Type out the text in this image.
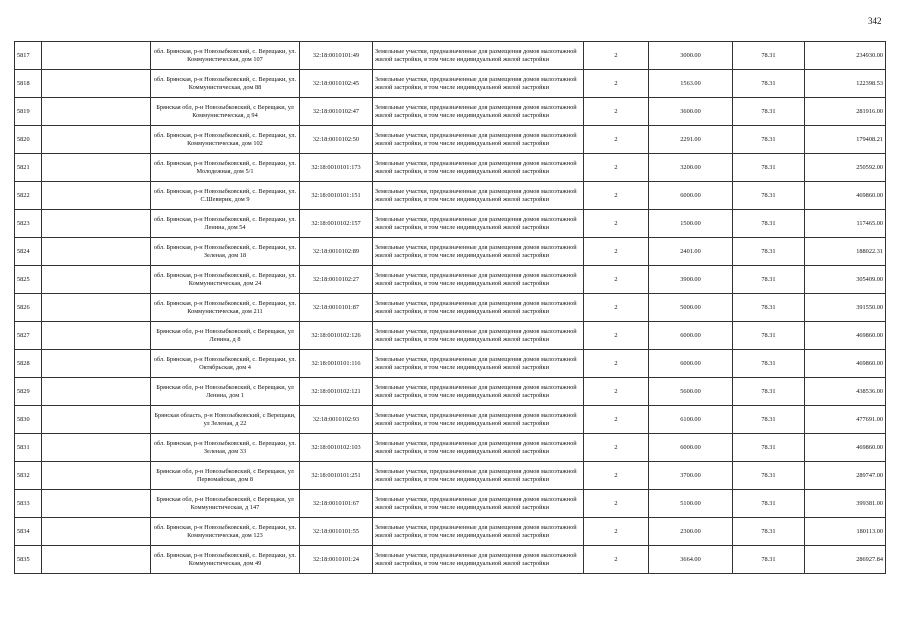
342
5817		обл. Брянская, р-н Новозыбковский, с. Верещаки, ул. Коммунистическая, дом 107	32:18:0010101:49	Земельные участки, предназначенные для размещения домов малоэтажной жилой застройки, в том числе индивидуальной жилой застройки	2	3000.00	78.31	234930.00
5818		обл. Брянская, р-н Новозыбковский, с. Верещаки, ул. Коммунистическая, дом 88	32:18:0010102:45	Земельные участки, предназначенные для размещения домов малоэтажной жилой застройки, в том числе индивидуальной жилой застройки	2	1563.00	78.31	122398.53
5819		Брянская обл, р-н Новозыбковский, с Верещаки, ул Коммунистическая, д 94	32:18:0010102:47	Земельные участки, предназначенные для размещения домов малоэтажной жилой застройки, в том числе индивидуальной жилой застройки	2	3600.00	78.31	281916.00
5820		обл. Брянская, р-н Новозыбковский, с. Верещаки, ул. Коммунистическая, дом 102	32:18:0010102:50	Земельные участки, предназначенные для размещения домов малоэтажной жилой застройки, в том числе индивидуальной жилой застройки	2	2291.00	78.31	179408.21
5821		обл. Брянская, р-н Новозыбковский, с. Верещаки, ул. Молодежная, дом 5/1	32:18:0010101:173	Земельные участки, предназначенные для размещения домов малоэтажной жилой застройки, в том числе индивидуальной жилой застройки	2	3200.00	78.31	250592.00
5822		обл. Брянская, р-н Новозыбковский, с. Верещаки, ул. С.Шевирик, дом 9	32:18:0010101:151	Земельные участки, предназначенные для размещения домов малоэтажной жилой застройки, в том числе индивидуальной жилой застройки	2	6000.00	78.31	469860.00
5823		обл. Брянская, р-н Новозыбковский, с. Верещаки, ул. Ленина, дом 54	32:18:0010102:157	Земельные участки, предназначенные для размещения домов малоэтажной жилой застройки, в том числе индивидуальной жилой застройки	2	1500.00	78.31	117465.00
5824		обл. Брянская, р-н Новозыбковский, с. Верещаки, ул. Зеленая, дом 18	32:18:0010102:89	Земельные участки, предназначенные для размещения домов малоэтажной жилой застройки, в том числе индивидуальной жилой застройки	2	2401.00	78.31	188022.31
5825		обл. Брянская, р-н Новозыбковский, с. Верещаки, ул. Коммунистическая, дом 24	32:18:0010102:27	Земельные участки, предназначенные для размещения домов малоэтажной жилой застройки, в том числе индивидуальной жилой застройки	2	3900.00	78.31	305409.00
5826		обл. Брянская, р-н Новозыбковский, с. Верещаки, ул. Коммунистическая, дом 211	32:18:0010101:87	Земельные участки, предназначенные для размещения домов малоэтажной жилой застройки, в том числе индивидуальной жилой застройки	2	5000.00	78.31	391550.00
5827		Брянская обл, р-н Новозыбковский, с Верещаки, ул Ленина, д 8	32:18:0010102:126	Земельные участки, предназначенные для размещения домов малоэтажной жилой застройки, в том числе индивидуальной жилой застройки	2	6000.00	78.31	469860.00
5828		обл. Брянская, р-н Новозыбковский, с. Верещаки, ул. Октябрьская, дом 4	32:18:0010101:116	Земельные участки, предназначенные для размещения домов малоэтажной жилой застройки, в том числе индивидуальной жилой застройки	2	6000.00	78.31	469860.00
5829		Брянская обл, р-н Новозыбковский, с Верещаки, ул Ленина, дом 1	32:18:0010102:121	Земельные участки, предназначенные для размещения домов малоэтажной жилой застройки, в том числе индивидуальной жилой застройки	2	5600.00	78.31	438536.00
5830		Брянская область, р-н Новозыбковский, с Верещаки, ул Зеленая, д 22	32:18:0010102:93	Земельные участки, предназначенные для размещения домов малоэтажной жилой застройки, в том числе индивидуальной жилой застройки	2	6100.00	78.31	477691.00
5831		обл. Брянская, р-н Новозыбковский, с. Верещаки, ул. Зеленая, дом 33	32:18:0010102:103	Земельные участки, предназначенные для размещения домов малоэтажной жилой застройки, в том числе индивидуальной жилой застройки	2	6000.00	78.31	469860.00
5832		Брянская обл, р-н Новозыбковский, с Верещаки, ул Первомайская, дом 8	32:18:0010101:251	Земельные участки, предназначенные для размещения домов малоэтажной жилой застройки, в том числе индивидуальной жилой застройки	2	3700.00	78.31	289747.00
5833		Брянская обл, р-н Новозыбковский, с Верещаки, ул Коммунистическая, д 147	32:18:0010101:67	Земельные участки, предназначенные для размещения домов малоэтажной жилой застройки, в том числе индивидуальной жилой застройки	2	5100.00	78.31	399381.00
5834		обл. Брянская, р-н Новозыбковский, с. Верещаки, ул. Коммунистическая, дом 123	32:18:0010101:55	Земельные участки, предназначенные для размещения домов малоэтажной жилой застройки, в том числе индивидуальной жилой застройки	2	2300.00	78.31	180113.00
5835		обл. Брянская, р-н Новозыбковский, с. Верещаки, ул. Коммунистическая, дом 49	32:18:0010101:24	Земельные участки, предназначенные для размещения домов малоэтажной жилой застройки, в том числе индивидуальной жилой застройки	2	3664.00	78.31	286927.84
